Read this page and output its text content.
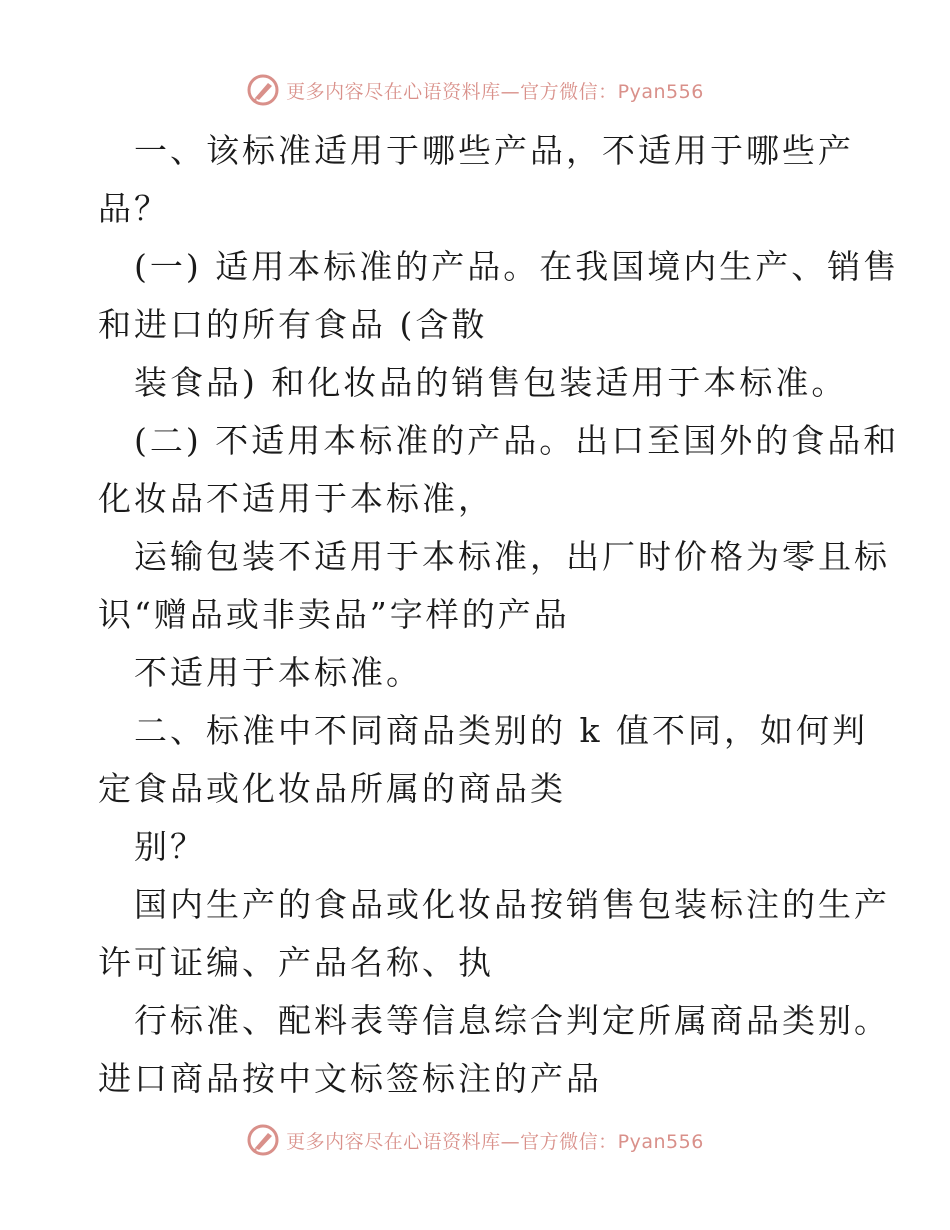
更多内容尽在心语资料库—官方微信：Pyan556
一、该标准适用于哪些产品，不适用于哪些产
品？
(一) 适用本标准的产品。在我国境内生产、销售
和进口的所有食品 (含散
装食品) 和化妆品的销售包装适用于本标准。
(二) 不适用本标准的产品。出口至国外的食品和
化妆品不适用于本标准，
运输包装不适用于本标准，出厂时价格为零且标
识“赠品或非卖品”字样的产品
不适用于本标准。
二、标准中不同商品类别的 k 值不同，如何判
定食品或化妆品所属的商品类
别？
国内生产的食品或化妆品按销售包装标注的生产
许可证编、产品名称、执
行标准、配料表等信息综合判定所属商品类别。
进口商品按中文标签标注的产品
更多内容尽在心语资料库—官方微信：Pyan556
